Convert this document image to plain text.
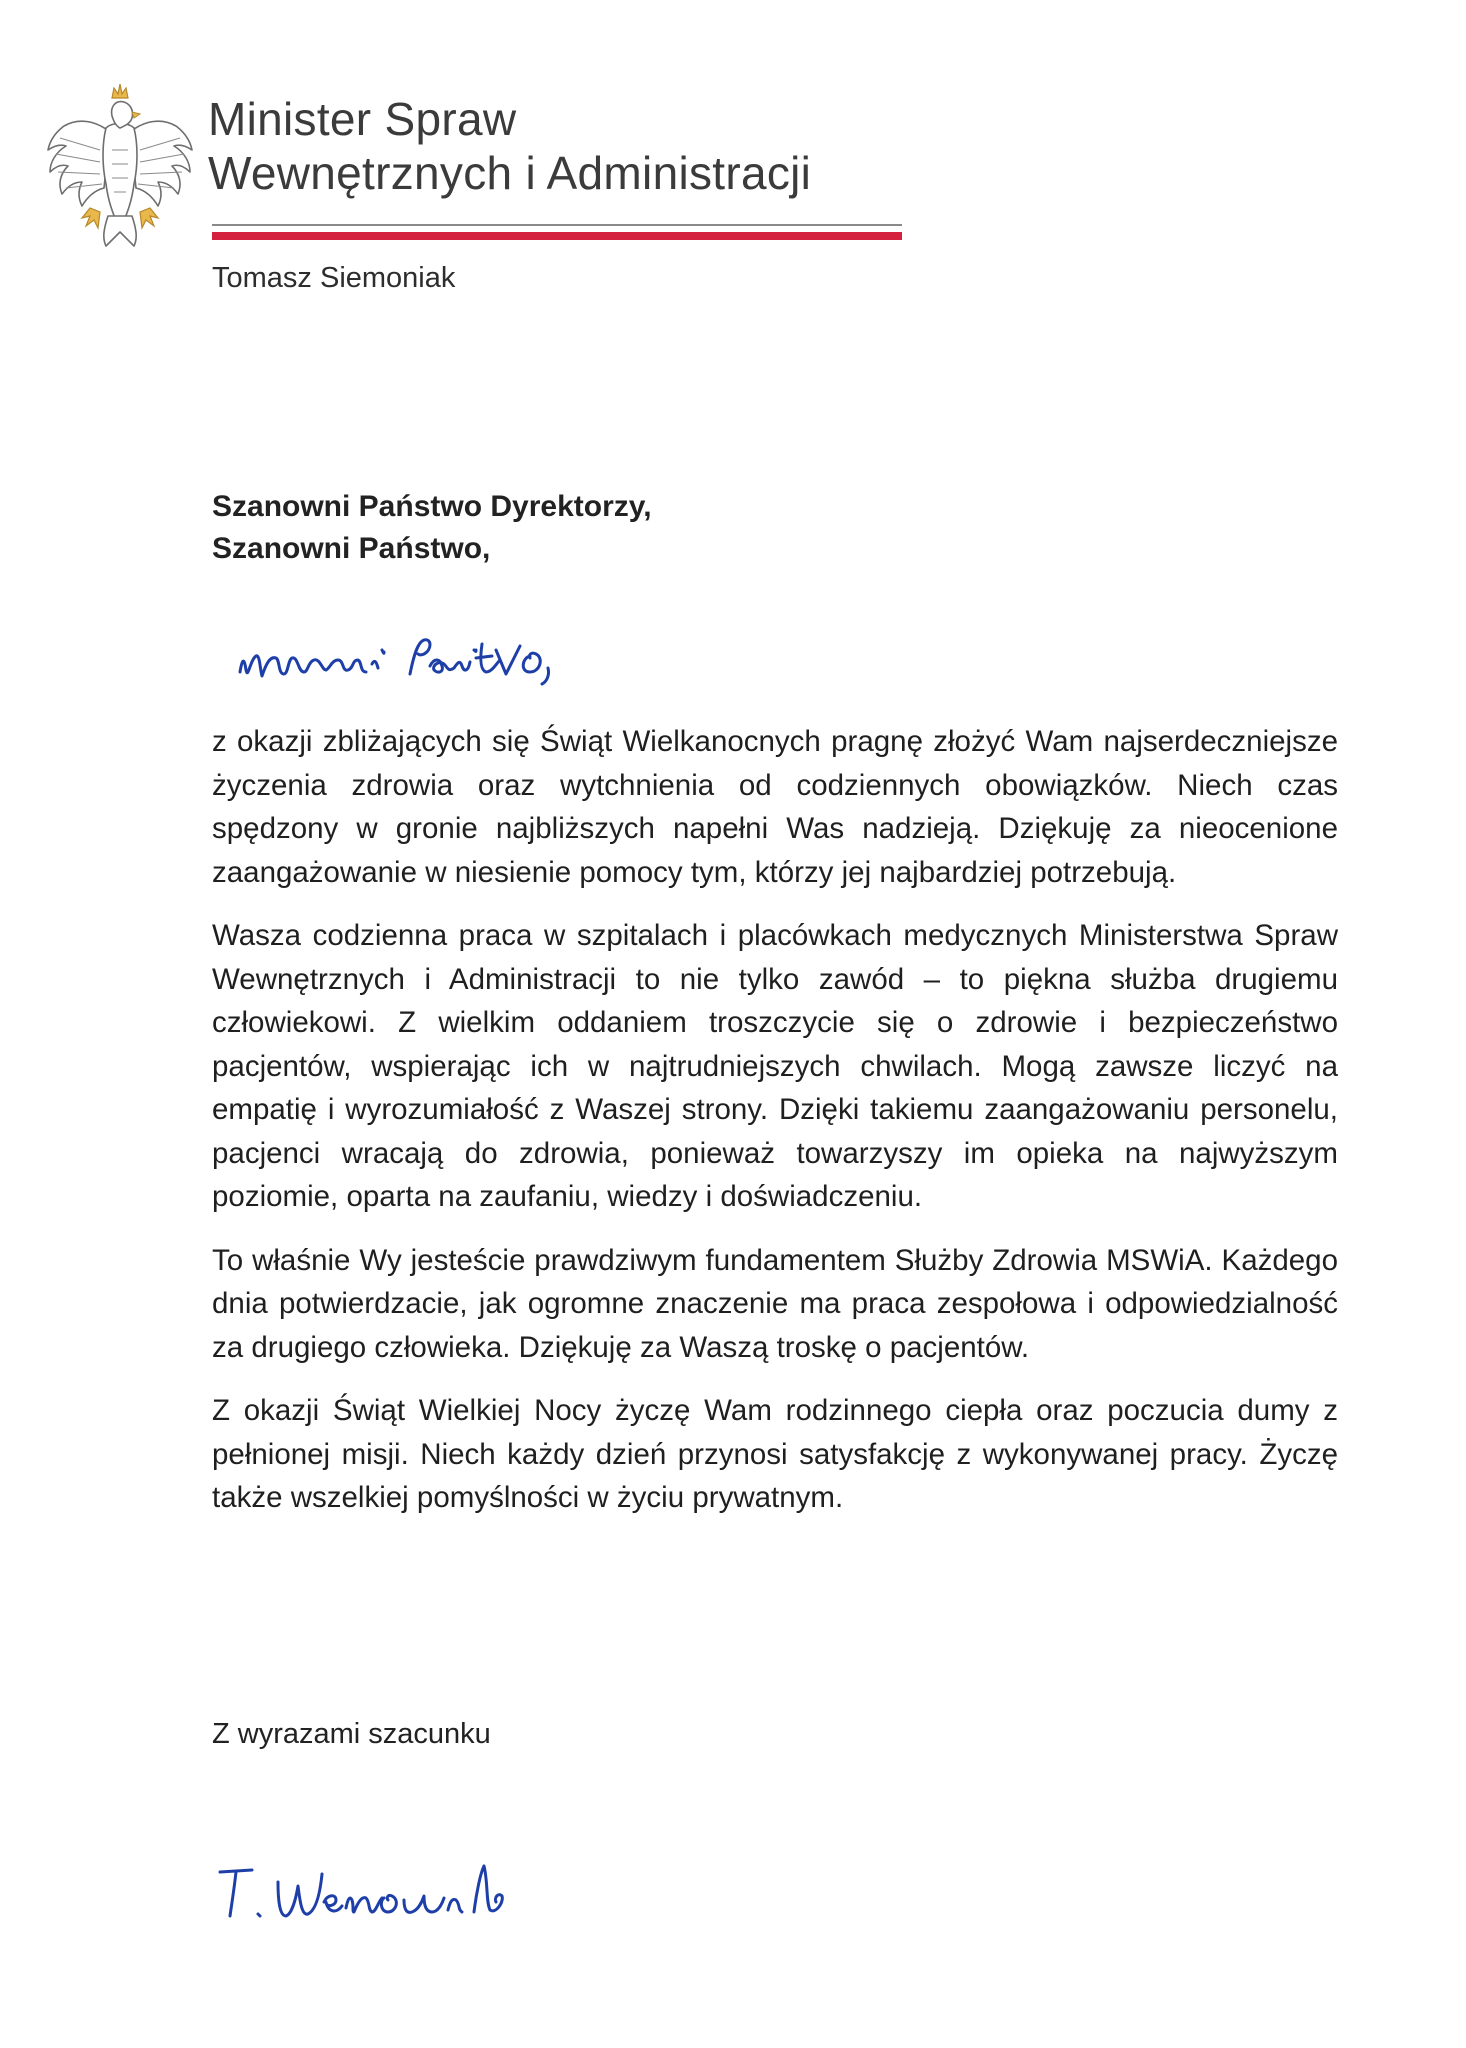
Minister Spraw
Wewnętrznych i Administracji
Tomasz Siemoniak
Szanowni Państwo Dyrektorzy,
Szanowni Państwo,

z okazji zbliżających się Świąt Wielkanocnych pragnę złożyć Wam najserdeczniejsze życzenia zdrowia oraz wytchnienia od codziennych obowiązków. Niech czas spędzony w gronie najbliższych napełni Was nadzieją. Dziękuję za nieocenione zaangażowanie w niesienie pomocy tym, którzy jej najbardziej potrzebują.

Wasza codzienna praca w szpitalach i placówkach medycznych Ministerstwa Spraw Wewnętrznych i Administracji to nie tylko zawód – to piękna służba drugiemu człowiekowi. Z wielkim oddaniem troszczycie się o zdrowie i bezpieczeństwo pacjentów, wspierając ich w najtrudniejszych chwilach. Mogą zawsze liczyć na empatię i wyrozumiałość z Waszej strony. Dzięki takiemu zaangażowaniu personelu, pacjenci wracają do zdrowia, ponieważ towarzyszy im opieka na najwyższym poziomie, oparta na zaufaniu, wiedzy i doświadczeniu.

To właśnie Wy jesteście prawdziwym fundamentem Służby Zdrowia MSWiA. Każdego dnia potwierdzacie, jak ogromne znaczenie ma praca zespołowa i odpowiedzialność za drugiego człowieka. Dziękuję za Waszą troskę o pacjentów.

Z okazji Świąt Wielkiej Nocy życzę Wam rodzinnego ciepła oraz poczucia dumy z pełnionej misji. Niech każdy dzień przynosi satysfakcję z wykonywanej pracy. Życzę także wszelkiej pomyślności w życiu prywatnym.

Z wyrazami szacunku
